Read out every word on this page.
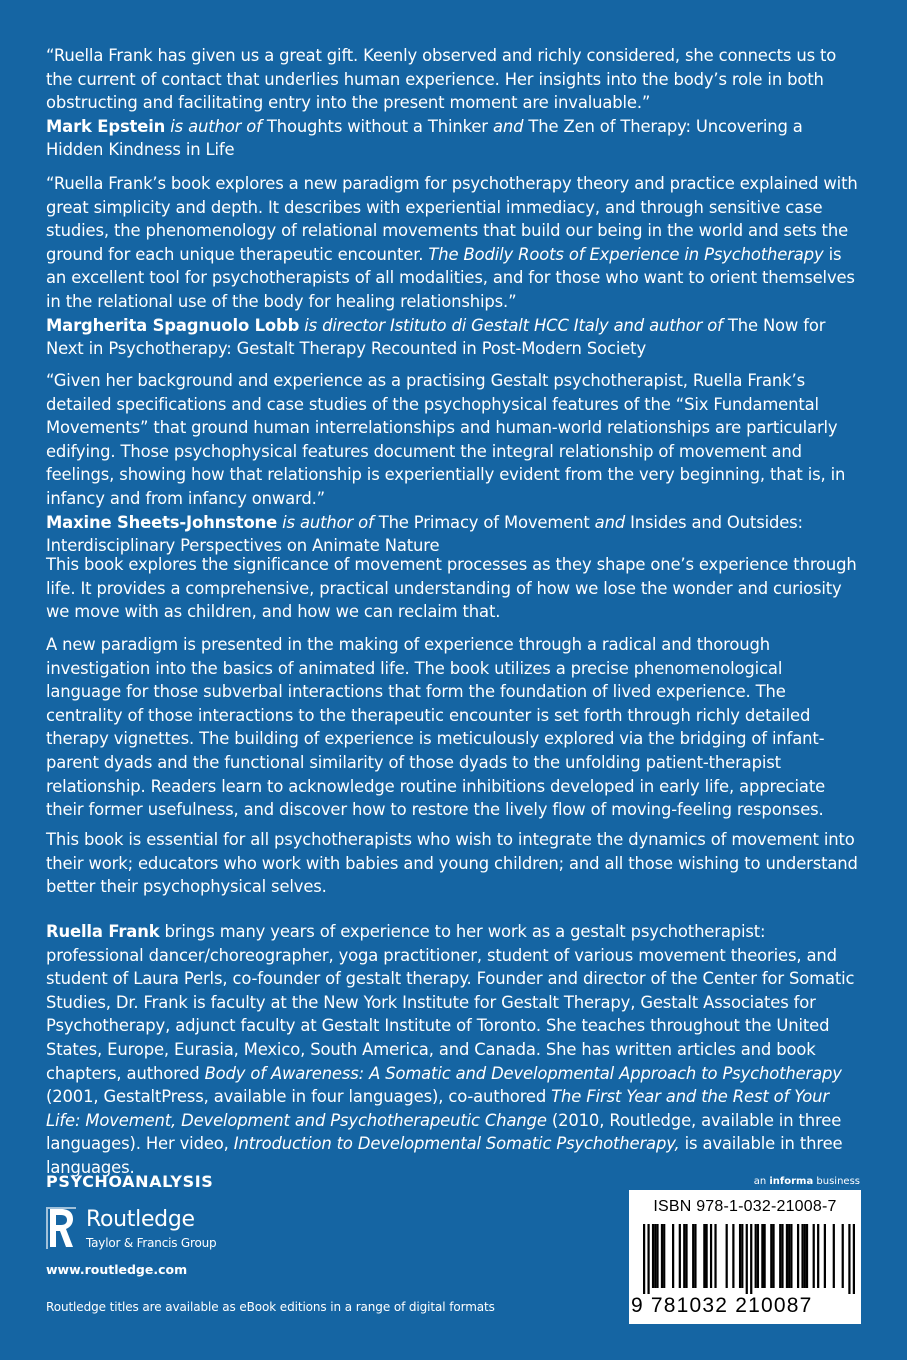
“Ruella Frank has given us a great gift. Keenly observed and richly considered, she connects us to the current of contact that underlies human experience. Her insights into the body’s role in both obstructing and facilitating entry into the present moment are invaluable.”
Mark Epstein is author of Thoughts without a Thinker and The Zen of Therapy: Uncovering a Hidden Kindness in Life

“Ruella Frank’s book explores a new paradigm for psychotherapy theory and practice explained with great simplicity and depth. It describes with experiential immediacy, and through sensitive case studies, the phenomenology of relational movements that build our being in the world and sets the ground for each unique therapeutic encounter. The Bodily Roots of Experience in Psychotherapy is an excellent tool for psychotherapists of all modalities, and for those who want to orient themselves in the relational use of the body for healing relationships.”
Margherita Spagnuolo Lobb is director Istituto di Gestalt HCC Italy and author of The Now for Next in Psychotherapy: Gestalt Therapy Recounted in Post-Modern Society

“Given her background and experience as a practising Gestalt psychotherapist, Ruella Frank’s detailed specifications and case studies of the psychophysical features of the “Six Fundamental Movements” that ground human interrelationships and human-world relationships are particularly edifying. Those psychophysical features document the integral relationship of movement and feelings, showing how that relationship is experientially evident from the very beginning, that is, in infancy and from infancy onward.”
Maxine Sheets-Johnstone is author of The Primacy of Movement and Insides and Outsides: Interdisciplinary Perspectives on Animate Nature

This book explores the significance of movement processes as they shape one’s experience through life. It provides a comprehensive, practical understanding of how we lose the wonder and curiosity we move with as children, and how we can reclaim that.

A new paradigm is presented in the making of experience through a radical and thorough investigation into the basics of animated life. The book utilizes a precise phenomenological language for those subverbal interactions that form the foundation of lived experience. The centrality of those interactions to the therapeutic encounter is set forth through richly detailed therapy vignettes. The building of experience is meticulously explored via the bridging of infant-parent dyads and the functional similarity of those dyads to the unfolding patient-therapist relationship. Readers learn to acknowledge routine inhibitions developed in early life, appreciate their former usefulness, and discover how to restore the lively flow of moving-feeling responses.

This book is essential for all psychotherapists who wish to integrate the dynamics of movement into their work; educators who work with babies and young children; and all those wishing to understand better their psychophysical selves.

Ruella Frank brings many years of experience to her work as a gestalt psychotherapist: professional dancer/choreographer, yoga practitioner, student of various movement theories, and student of Laura Perls, co-founder of gestalt therapy. Founder and director of the Center for Somatic Studies, Dr. Frank is faculty at the New York Institute for Gestalt Therapy, Gestalt Associates for Psychotherapy, adjunct faculty at Gestalt Institute of Toronto. She teaches throughout the United States, Europe, Eurasia, Mexico, South America, and Canada. She has written articles and book chapters, authored Body of Awareness: A Somatic and Developmental Approach to Psychotherapy (2001, GestaltPress, available in four languages), co-authored The First Year and the Rest of Your Life: Movement, Development and Psychotherapeutic Change (2010, Routledge, available in three languages). Her video, Introduction to Developmental Somatic Psychotherapy, is available in three languages.

PSYCHOANALYSIS
Routledge
Taylor & Francis Group
www.routledge.com
Routledge titles are available as eBook editions in a range of digital formats
an informa business
ISBN 978-1-032-21008-7
9 781032 210087
